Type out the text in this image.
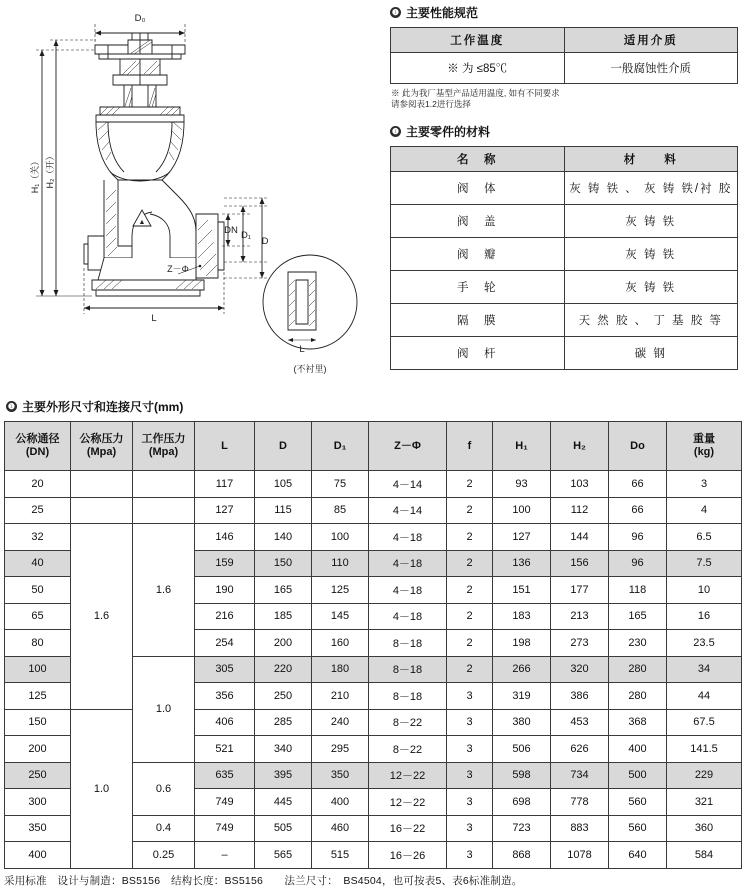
▲
D₀
DN D₁
D
Z－Φ
L
L
(不衬里)
H₁（关） H₂（开）
❶ 主要性能规范
工作温度	适用介质
※ 为 ≤85℃	一般腐蚀性介质
※ 此为我厂基型产品适用温度, 如有不同要求
请参阅表1.2进行选择
❶ 主要零件的材料
名　称	材　　料
阀　体	灰 铸 铁 、 灰 铸 铁/衬 胶
阀　盖	灰 铸 铁
阀　瓣	灰 铸 铁
手　轮	灰 铸 铁
隔　膜	天 然 胶 、 丁 基 胶 等
阀　杆	碳 钢
❶ 主要外形尺寸和连接尺寸(mm)
公称通径
(DN)	公称压力
(Mpa)	工作压力
(Mpa)	L	D	D₁	Z－Φ	f	H₁	H₂	Do	重量
(kg)
20			117	105	75	4－14	2	93	103	66	3
25			127	115	85	4－14	2	100	112	66	4
32	1.6	1.6	146	140	100	4－18	2	127	144	96	6.5
40			159	150	110	4－18	2	136	156	96	7.5
50			190	165	125	4－18	2	151	177	118	10
65			216	185	145	4－18	2	183	213	165	16
80			254	200	160	8－18	2	198	273	230	23.5
100		1.0	305	220	180	8－18	2	266	320	280	34
125			356	250	210	8－18	3	319	386	280	44
150	1.0		406	285	240	8－22	3	380	453	368	67.5
200			521	340	295	8－22	3	506	626	400	141.5
250		0.6	635	395	350	12－22	3	598	734	500	229
300			749	445	400	12－22	3	698	778	560	321
350		0.4	749	505	460	16－22	3	723	883	560	360
400		0.25	–	565	515	16－26	3	868	1078	640	584
采用标准　设计与制造：BS5156　结构长度：BS5156　　法兰尺寸：　BS4504，也可按表5、表6标准制造。
